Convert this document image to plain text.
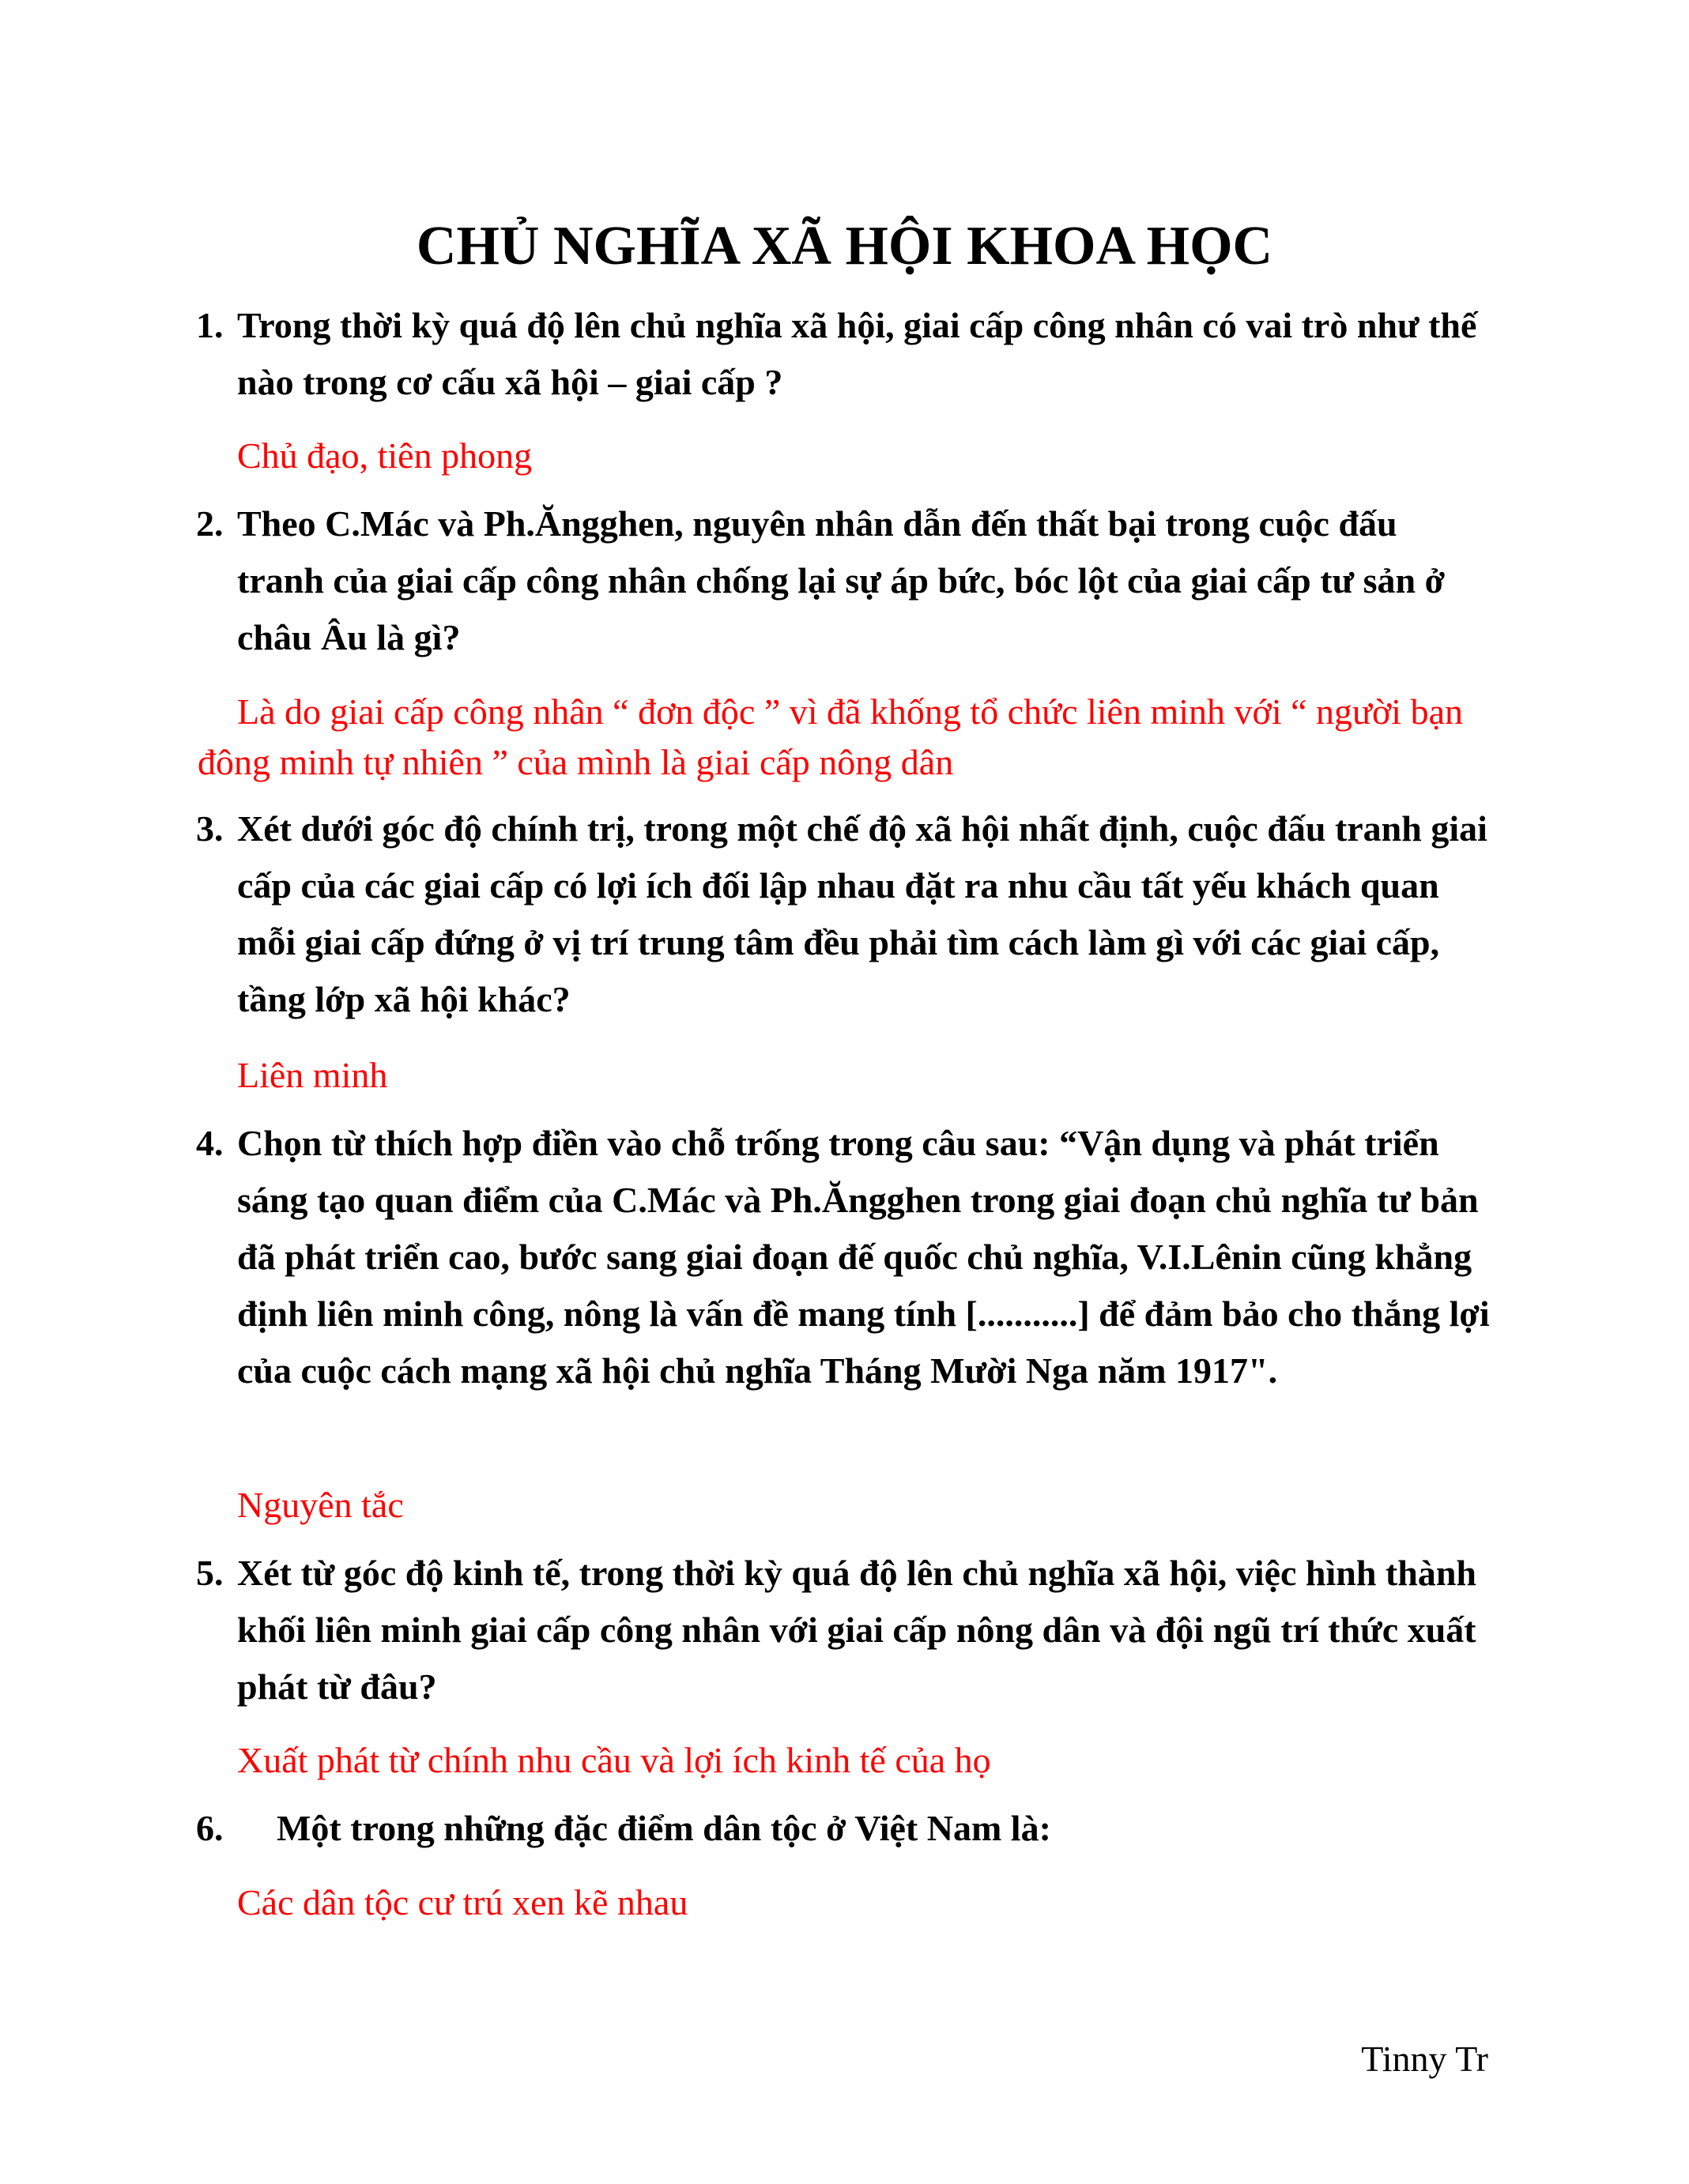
CHỦ NGHĨA XÃ HỘI KHOA HỌC
1. Trong thời kỳ quá độ lên chủ nghĩa xã hội, giai cấp công nhân có vai trò như thế nào trong cơ cấu xã hội – giai cấp ?

Chủ đạo, tiên phong

2. Theo C.Mác và Ph.Ăngghen, nguyên nhân dẫn đến thất bại trong cuộc đấu tranh của giai cấp công nhân chống lại sự áp bức, bóc lột của giai cấp tư sản ở châu Âu là gì?

Là do giai cấp công nhân “ đơn độc ” vì đã khống tổ chức liên minh với “ người bạn đông minh tự nhiên ” của mình là giai cấp nông dân

3. Xét dưới góc độ chính trị, trong một chế độ xã hội nhất định, cuộc đấu tranh giai cấp của các giai cấp có lợi ích đối lập nhau đặt ra nhu cầu tất yếu khách quan mỗi giai cấp đứng ở vị trí trung tâm đều phải tìm cách làm gì với các giai cấp, tầng lớp xã hội khác?

Liên minh

4. Chọn từ thích hợp điền vào chỗ trống trong câu sau: “Vận dụng và phát triển sáng tạo quan điểm của C.Mác và Ph.Ăngghen trong giai đoạn chủ nghĩa tư bản đã phát triển cao, bước sang giai đoạn đế quốc chủ nghĩa, V.I.Lênin cũng khẳng định liên minh công, nông là vấn đề mang tính [...........] để đảm bảo cho thắng lợi của cuộc cách mạng xã hội chủ nghĩa Tháng Mười Nga năm 1917".

Nguyên tắc

5. Xét từ góc độ kinh tế, trong thời kỳ quá độ lên chủ nghĩa xã hội, việc hình thành khối liên minh giai cấp công nhân với giai cấp nông dân và đội ngũ trí thức xuất phát từ đâu?

Xuất phát từ chính nhu cầu và lợi ích kinh tế của họ

6.	Một trong những đặc điểm dân tộc ở Việt Nam là:

Các dân tộc cư trú xen kẽ nhau

Tinny Tr
